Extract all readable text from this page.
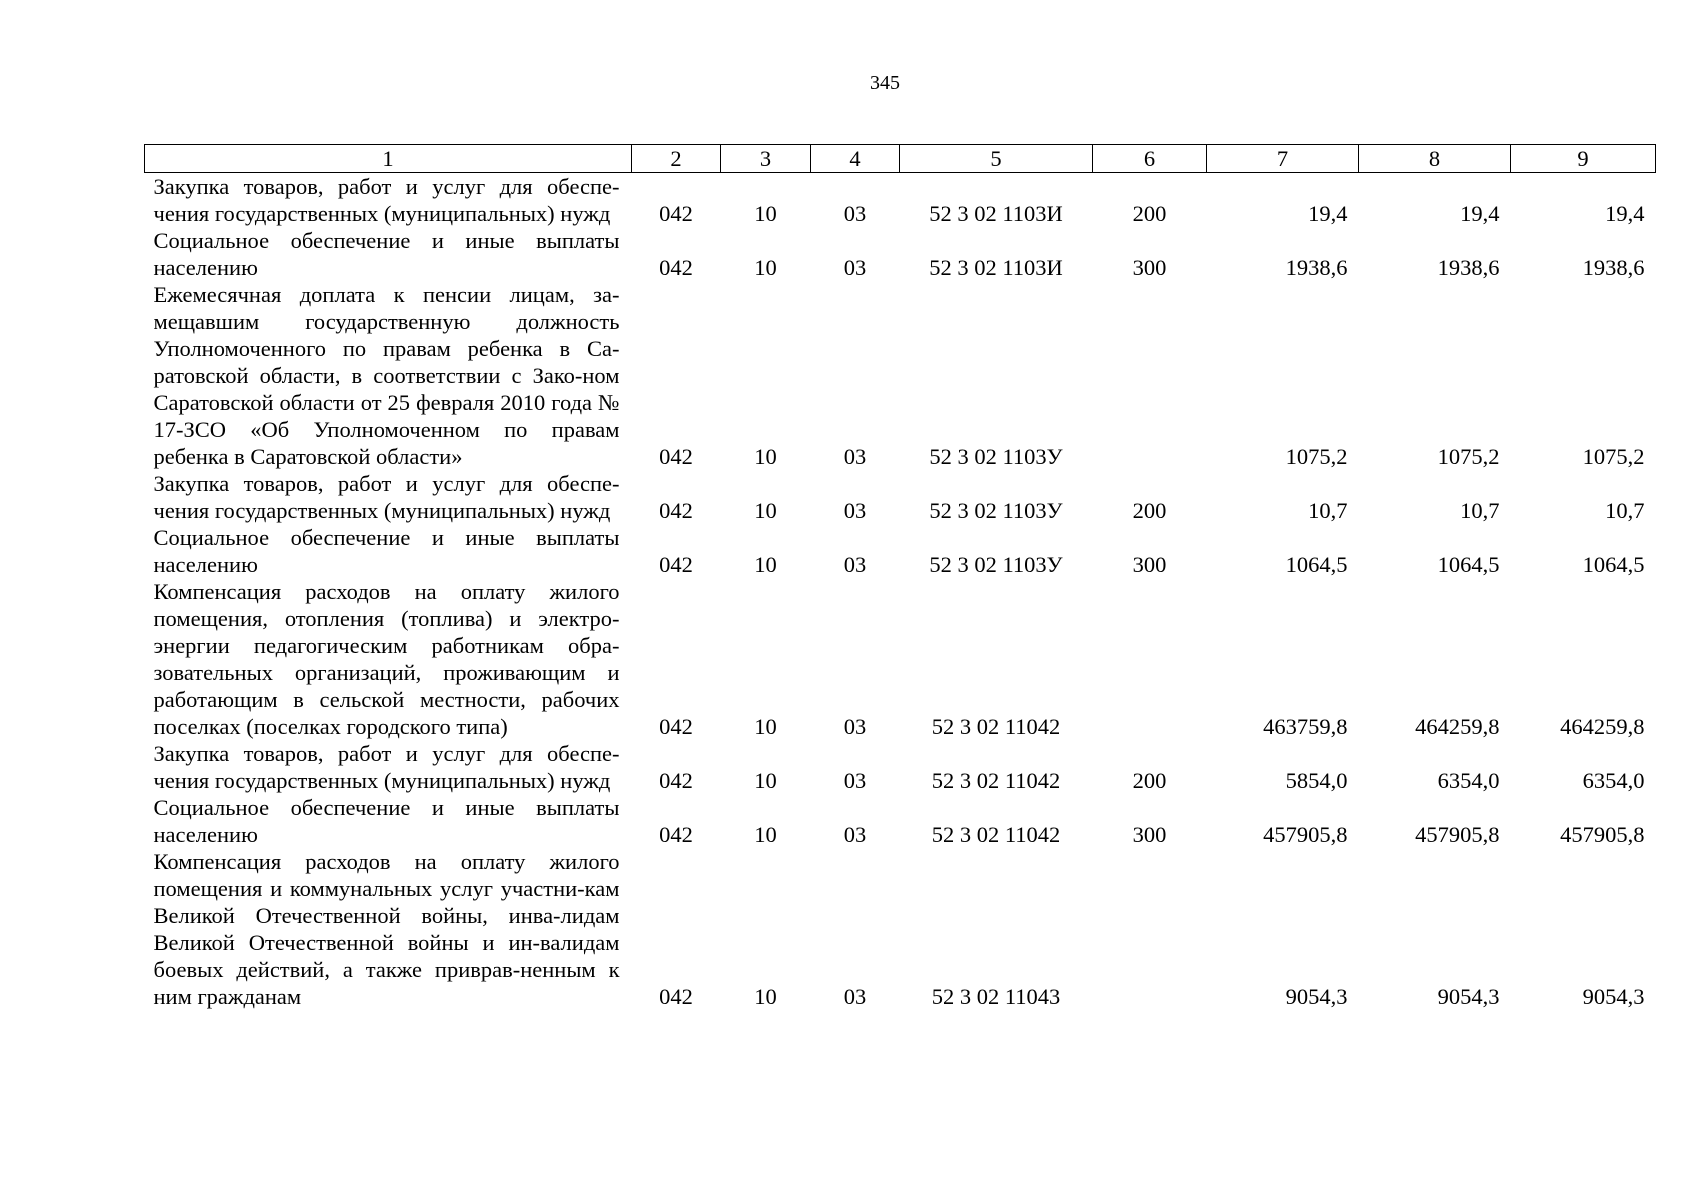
345
1	2	3	4	5	6	7	8	9
Закупка товаров, работ и услуг для обеспе-чения государственных (муниципальных) нужд	042	10	03	52 3 02 1103И	200	19,4	19,4	19,4
Социальное обеспечение и иные выплаты населению	042	10	03	52 3 02 1103И	300	1938,6	1938,6	1938,6
Ежемесячная доплата к пенсии лицам, за-мещавшим государственную должность Уполномоченного по правам ребенка в Са-ратовской области, в соответствии с Зако-ном Саратовской области от 25 февраля 2010 года № 17-ЗСО «Об Уполномоченном по правам ребенка в Саратовской области»	042	10	03	52 3 02 1103У		1075,2	1075,2	1075,2
Закупка товаров, работ и услуг для обеспе-чения государственных (муниципальных) нужд	042	10	03	52 3 02 1103У	200	10,7	10,7	10,7
Социальное обеспечение и иные выплаты населению	042	10	03	52 3 02 1103У	300	1064,5	1064,5	1064,5
Компенсация расходов на оплату жилого помещения, отопления (топлива) и электро-энергии педагогическим работникам обра-зовательных организаций, проживающим и работающим в сельской местности, рабочих поселках (поселках городского типа)	042	10	03	52 3 02 11042		463759,8	464259,8	464259,8
Закупка товаров, работ и услуг для обеспе-чения государственных (муниципальных) нужд	042	10	03	52 3 02 11042	200	5854,0	6354,0	6354,0
Социальное обеспечение и иные выплаты населению	042	10	03	52 3 02 11042	300	457905,8	457905,8	457905,8
Компенсация расходов на оплату жилого помещения и коммунальных услуг участни-кам Великой Отечественной войны, инва-лидам Великой Отечественной войны и ин-валидам боевых действий, а также приврав-ненным к ним гражданам	042	10	03	52 3 02 11043		9054,3	9054,3	9054,3
